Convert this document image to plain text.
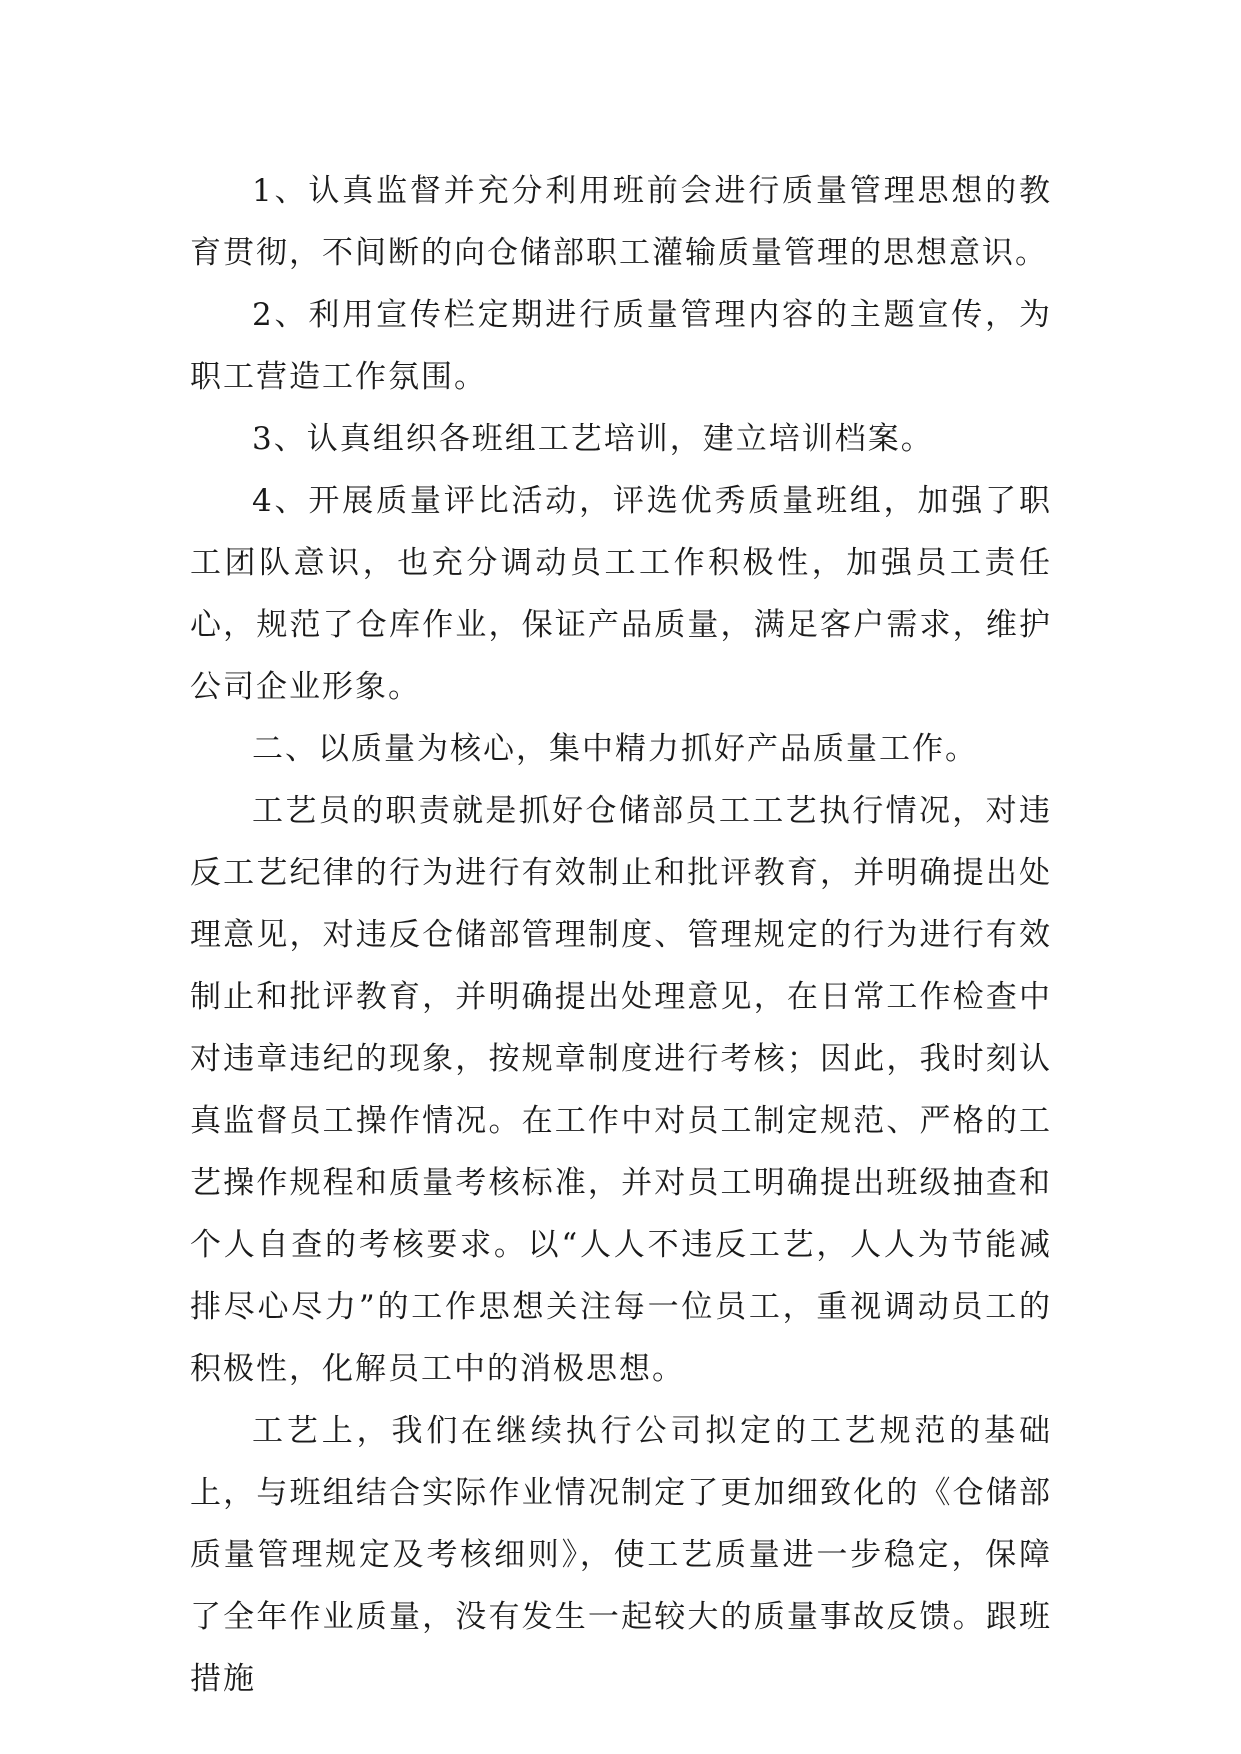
1、认真监督并充分利用班前会进行质量管理思想的教育贯彻，不间断的向仓储部职工灌输质量管理的思想意识。

2、利用宣传栏定期进行质量管理内容的主题宣传，为职工营造工作氛围。

3、认真组织各班组工艺培训，建立培训档案。

4、开展质量评比活动，评选优秀质量班组，加强了职工团队意识，也充分调动员工工作积极性，加强员工责任心，规范了仓库作业，保证产品质量，满足客户需求，维护公司企业形象。

二、以质量为核心，集中精力抓好产品质量工作。

工艺员的职责就是抓好仓储部员工工艺执行情况，对违反工艺纪律的行为进行有效制止和批评教育，并明确提出处理意见，对违反仓储部管理制度、管理规定的行为进行有效制止和批评教育，并明确提出处理意见，在日常工作检查中对违章违纪的现象，按规章制度进行考核；因此，我时刻认真监督员工操作情况。在工作中对员工制定规范、严格的工艺操作规程和质量考核标准，并对员工明确提出班级抽查和个人自查的考核要求。以“人人不违反工艺，人人为节能减排尽心尽力”的工作思想关注每一位员工，重视调动员工的积极性，化解员工中的消极思想。

工艺上，我们在继续执行公司拟定的工艺规范的基础上，与班组结合实际作业情况制定了更加细致化的《仓储部质量管理规定及考核细则》，使工艺质量进一步稳定，保障了全年作业质量，没有发生一起较大的质量事故反馈。跟班措施
